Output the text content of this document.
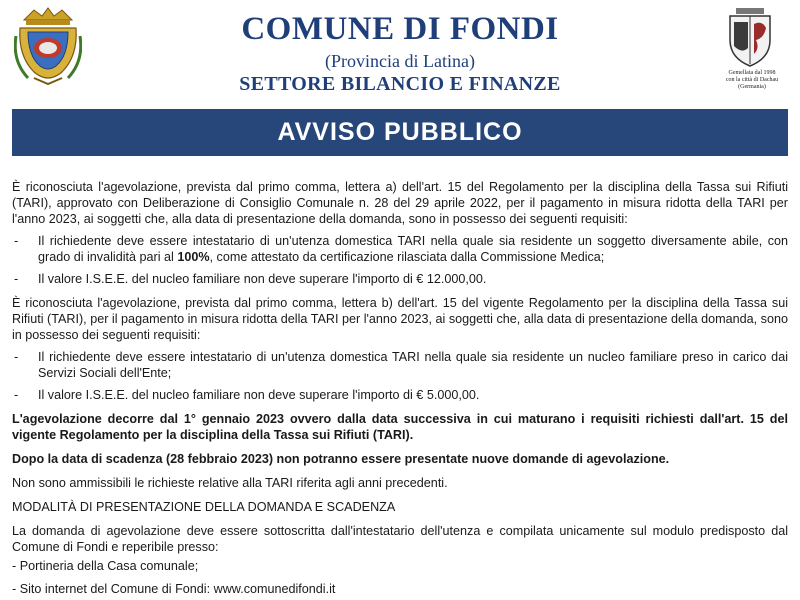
COMUNE DI FONDI
(Provincia di Latina)
SETTORE BILANCIO E FINANZE	Gemellata dal 1998
con la città di Dachau
(Germania)
AVVISO PUBBLICO

È riconosciuta l'agevolazione, prevista dal primo comma, lettera a) dell'art. 15 del Regolamento per la disciplina della Tassa sui Rifiuti (TARI), approvato con Deliberazione di Consiglio Comunale n. 28 del 29 aprile 2022, per il pagamento in misura ridotta della TARI per l'anno 2023, ai soggetti che, alla data di presentazione della domanda, sono in possesso dei seguenti requisiti:

-	Il richiedente deve essere intestatario di un'utenza domestica TARI nella quale sia residente un soggetto diversamente abile, con grado di invalidità pari al 100%, come attestato da certificazione rilasciata dalla Commissione Medica;
-	Il valore I.S.E.E. del nucleo familiare non deve superare l'importo di € 12.000,00.

È riconosciuta l'agevolazione, prevista dal primo comma, lettera b) dell'art. 15 del vigente Regolamento per la disciplina della Tassa sui Rifiuti (TARI), per il pagamento in misura ridotta della TARI per l'anno 2023, ai soggetti che, alla data di presentazione della domanda, sono in possesso dei seguenti requisiti:

-	Il richiedente deve essere intestatario di un'utenza domestica TARI nella quale sia residente un nucleo familiare preso in carico dai Servizi Sociali dell'Ente;
-	Il valore I.S.E.E. del nucleo familiare non deve superare l'importo di € 5.000,00.

L'agevolazione decorre dal 1° gennaio 2023 ovvero dalla data successiva in cui maturano i requisiti richiesti dall'art. 15 del vigente Regolamento per la disciplina della Tassa sui Rifiuti (TARI).

Dopo la data di scadenza (28 febbraio 2023) non potranno essere presentate nuove domande di agevolazione.

Non sono ammissibili le richieste relative alla TARI riferita agli anni precedenti.

MODALITÀ DI PRESENTAZIONE DELLA DOMANDA E SCADENZA

La domanda di agevolazione deve essere sottoscritta dall'intestatario dell'utenza e compilata unicamente sul modulo predisposto dal Comune di Fondi e reperibile presso:

- Portineria della Casa comunale;
- Sito internet del Comune di Fondi: www.comunedifondi.it
